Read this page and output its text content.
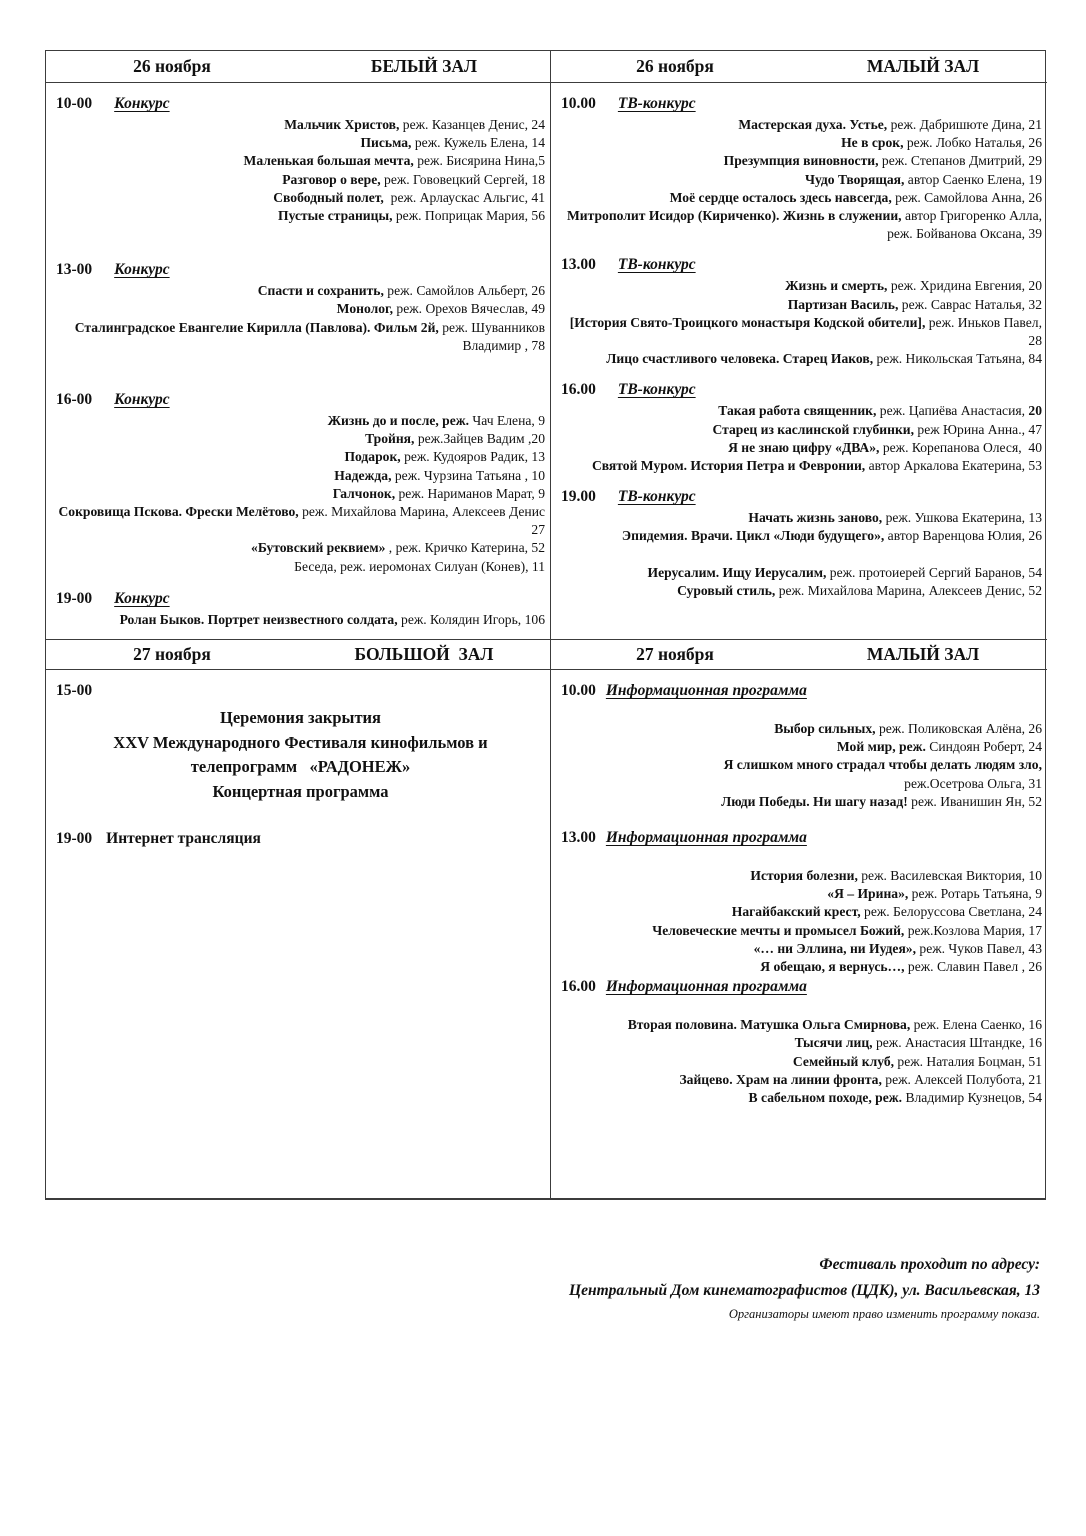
26 ноября	БЕЛЫЙ ЗАЛ	26 ноября	МАЛЫЙ ЗАЛ
10-00 Конкурс
Мальчик Христов, реж. Казанцев Денис, 24
Письма, реж. Кужель Елена, 14
Маленькая большая мечта, реж. Бисярина Нина,5
Разговор о вере, реж. Гововецкий Сергей, 18
Свободный полет,  реж. Арлаускас Альгис, 41
Пустые страницы, реж. Поприцак Мария, 56
13-00 Конкурс
Спасти и сохранить, реж. Самойлов Альберт, 26
Монолог, реж. Орехов Вячеслав, 49
Сталинградское Евангелие Кирилла (Павлова). Фильм 2й, реж. Шуванников Владимир , 78
16-00 Конкурс
Жизнь до и после, реж. Чач Елена, 9
Тройня, реж.Зайцев Вадим ,20
Подарок, реж. Кудояров Радик, 13
Надежда, реж. Чурзина Татьяна , 10
Галчонок, реж. Нариманов Марат, 9
Сокровища Пскова. Фрески Мелётово, реж. Михайлова Марина, Алексеев Денис 27
«Бутовский реквием» , реж. Кричко Катерина, 52
Беседа, реж. иеромонах Силуан (Конев), 11
19-00 Конкурс
Ролан Быков. Портрет неизвестного солдата, реж. Колядин Игорь, 106
10.00 ТВ-конкурс
Мастерская духа. Устье, реж. Дабришюте Дина, 21
Не в срок, реж. Лобко Наталья, 26
Презумпция виновности, реж. Степанов Дмитрий, 29
Чудо Творящая, автор Саенко Елена, 19
Моё сердце осталось здесь навсегда, реж. Самойлова Анна, 26
Митрополит Исидор (Кириченко). Жизнь в служении, автор Григоренко Алла, реж. Бойванова Оксана, 39
13.00 ТВ-конкурс
Жизнь и смерть, реж. Хридина Евгения, 20
Партизан Василь, реж. Саврас Наталья, 32
[История Свято-Троицкого монастыря Кодской обители], реж. Иньков Павел, 28
Лицо счастливого человека. Старец Иаков, реж. Никольская Татьяна, 84
16.00 ТВ-конкурс
Такая работа священник, реж. Цапиёва Анастасия, 20
Старец из каслинской глубинки, реж Юрина Анна., 47
Я не знаю цифру «ДВА», реж. Корепанова Олеся,  40
Святой Муром. История Петра и Февронии, автор Аркалова Екатерина, 53
19.00 ТВ-конкурс
Начать жизнь заново, реж. Ушкова Екатерина, 13
Эпидемия. Врачи. Цикл «Люди будущего», автор Варенцова Юлия, 26
Иерусалим. Ищу Иерусалим, реж. протоиерей Сергий Баранов, 54
Суровый стиль, реж. Михайлова Марина, Алексеев Денис, 52
27 ноября	БОЛЬШОЙ  ЗАЛ	27 ноября	МАЛЫЙ ЗАЛ
15-00
Церемония закрытия
XXV Международного Фестиваля кинофильмов и
телепрограмм   «РАДОНЕЖ»
Концертная программа
19-00 Интернет трансляция
10.00 Информационная программа
Выбор сильных, реж. Поликовская Алёна, 26
Мой мир, реж. Синдоян Роберт, 24
Я слишком много страдал чтобы делать людям зло,
реж.Осетрова Ольга, 31
Люди Победы. Ни шагу назад! реж. Иванишин Ян, 52
13.00 Информационная программа
История болезни, реж. Василевская Виктория, 10
«Я – Ирина», реж. Ротарь Татьяна, 9
Нагайбакский крест, реж. Белоруссова Светлана, 24
Человеческие мечты и промысел Божий, реж.Козлова Мария, 17
«… ни Эллина, ни Иудея», реж. Чуков Павел, 43
Я обещаю, я вернусь…, реж. Славин Павел , 26
16.00 Информационная программа
Вторая половина. Матушка Ольга Смирнова, реж. Елена Саенко, 16
Тысячи лиц, реж. Анастасия Штандке, 16
Семейный клуб, реж. Наталия Боцман, 51
Зайцево. Храм на линии фронта, реж. Алексей Полубота, 21
В сабельном походе, реж. Владимир Кузнецов, 54
Фестиваль проходит по адресу:
Центральный Дом кинематографистов (ЦДК), ул. Васильевская, 13
Организаторы имеют право изменить программу показа.
